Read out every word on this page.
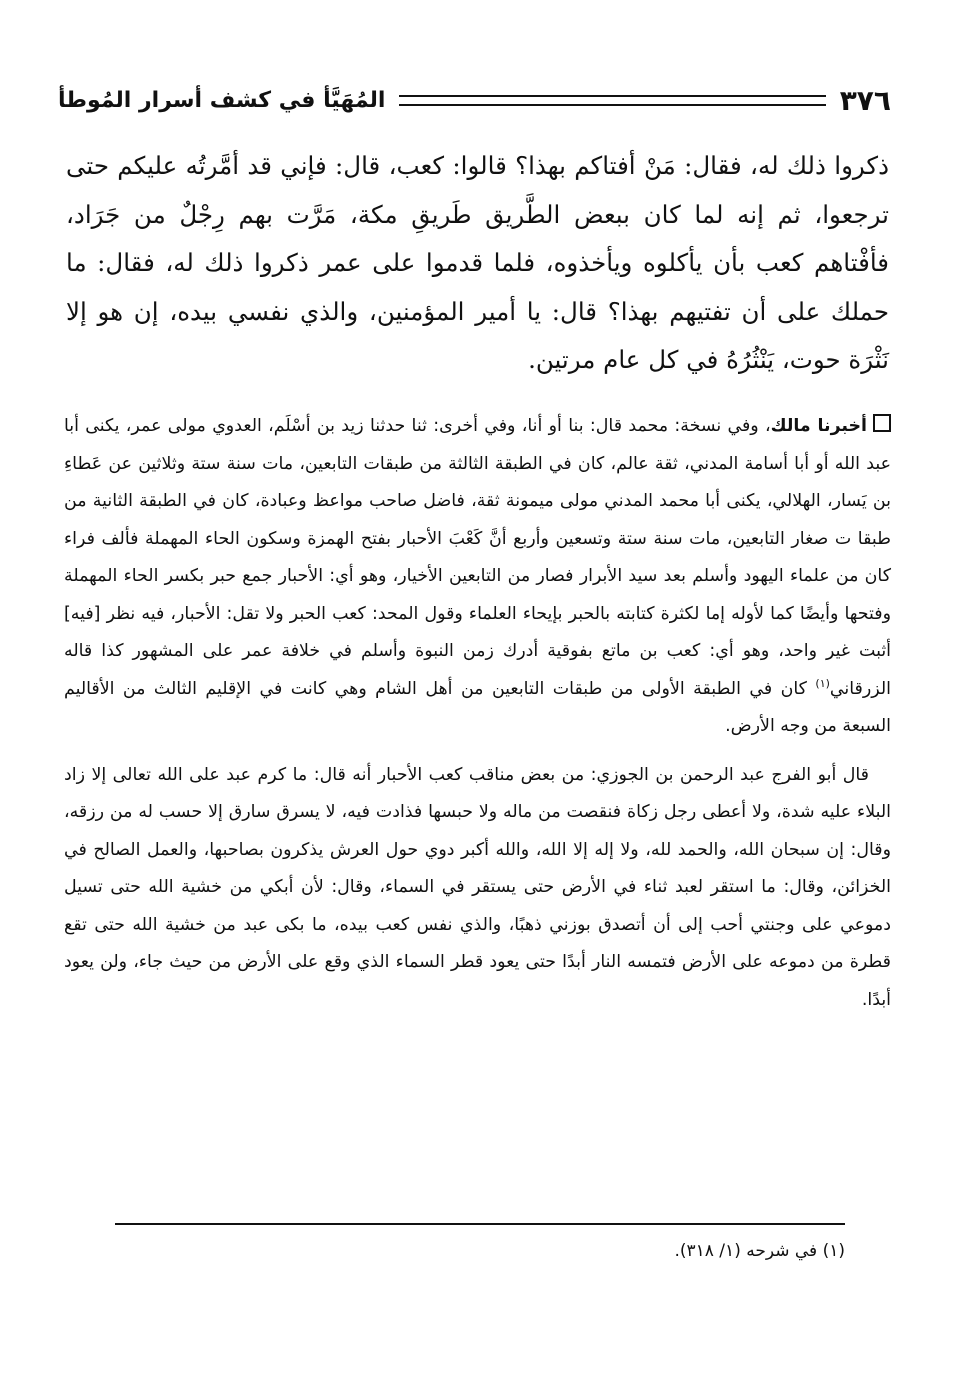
٣٧٦
المُهَيَّأ في كشف أسرار المُوطأ

ذكروا ذلك له، فقال: مَنْ أفتاكم بهذا؟ قالوا: كعب، قال: فإني قد أمَّرتُه عليكم حتى ترجعوا، ثم إنه لما كان ببعض الطَّريق طَريقِ مكة، مَرَّت بهم رِجْلٌ من جَرَاد، فأفْتاهم كعب بأن يأكلوه ويأخذوه، فلما قدموا على عمر ذكروا ذلك له، فقال: ما حملك على أن تفتيهم بهذا؟ قال: يا أمير المؤمنين، والذي نفسي بيده، إن هو إلا نَثْرَة حوت، يَنْثُرُهُ في كل عام مرتين.

أخبرنا مالك، وفي نسخة: محمد قال: بنا أو أنا، وفي أخرى: ثنا حدثنا زيد بن أسْلَم، العدوي مولى عمر، يكنى أبا عبد الله أو أبا أسامة المدني، ثقة عالم، كان في الطبقة الثالثة من طبقات التابعين، مات سنة ستة وثلاثين عن عَطاءِ بن يَسار، الهلالي، يكنى أبا محمد المدني مولى ميمونة ثقة، فاضل صاحب مواعظ وعبادة، كان في الطبقة الثانية من طبقا ت صغار التابعين، مات سنة ستة وتسعين وأربع أنَّ كَعْبَ الأحبار بفتح الهمزة وسكون الحاء المهملة فألف فراء كان من علماء اليهود وأسلم بعد سيد الأبرار فصار من التابعين الأخيار، وهو أي: الأحبار جمع حبر بكسر الحاء المهملة وفتحها وأيضًا كما لأوله إما لكثرة كتابته بالحبر بإيحاء العلماء وقول المحد: كعب الحبر ولا تقل: الأحبار، فيه نظر [فيه] أثبت غير واحد، وهو أي: كعب بن ماتع بفوقية أدرك زمن النبوة وأسلم في خلافة عمر على المشهور كذا قاله الزرقاني$^{(١)}$ كان في الطبقة الأولى من طبقات التابعين من أهل الشام وهي كانت في الإقليم الثالث من الأقاليم السبعة من وجه الأرض.

قال أبو الفرج عبد الرحمن بن الجوزي: من بعض مناقب كعب الأحبار أنه قال: ما كرم عبد على الله تعالى إلا زاد البلاء عليه شدة، ولا أعطى رجل زكاة فنقصت من ماله ولا حبسها فذادت فيه، لا يسرق سارق إلا حسب له من رزقه، وقال: إن سبحان الله، والحمد لله، ولا إله إلا الله، والله أكبر دوي حول العرش يذكرون بصاحبها، والعمل الصالح في الخزائن، وقال: ما استقر لعبد ثناء في الأرض حتى يستقر في السماء، وقال: لأن أبكي من خشية الله حتى تسيل دموعي على وجنتي أحب إلى أن أتصدق بوزني ذهبًا، والذي نفس كعب بيده، ما بكى عبد من خشية الله حتى تقع قطرة من دموعه على الأرض فتمسه النار أبدًا حتى يعود قطر السماء الذي وقع على الأرض من حيث جاء، ولن يعود أبدًا.

(١) في شرحه (١/ ٣١٨).
